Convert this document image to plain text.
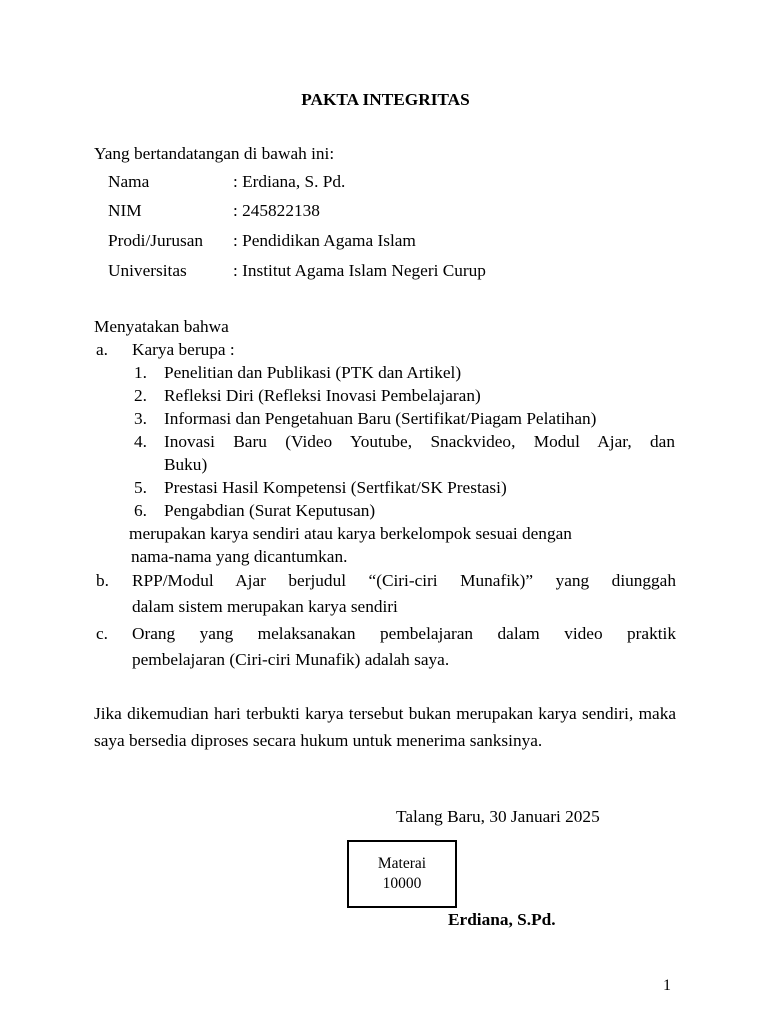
PAKTA INTEGRITAS
Yang bertandatangan di bawah ini:
Nama	: Erdiana, S. Pd.
NIM	: 245822138
Prodi/Jurusan : Pendidikan Agama Islam
Universitas	: Institut Agama Islam Negeri Curup
Menyatakan bahwa
a. Karya berupa :
1. Penelitian dan Publikasi (PTK dan Artikel)
2. Refleksi Diri (Refleksi Inovasi Pembelajaran)
3. Informasi dan Pengetahuan Baru (Sertifikat/Piagam Pelatihan)
4. Inovasi Baru (Video Youtube, Snackvideo, Modul Ajar, dan
Buku)
5. Prestasi Hasil Kompetensi (Sertfikat/SK Prestasi)
6. Pengabdian (Surat Keputusan)
merupakan karya sendiri atau karya berkelompok sesuai dengan
nama-nama yang dicantumkan.
b. RPP/Modul Ajar berjudul “(Ciri-ciri Munafik)” yang diunggah
dalam sistem merupakan karya sendiri
c. Orang yang melaksanakan pembelajaran dalam video praktik
pembelajaran (Ciri-ciri Munafik) adalah saya.
Jika dikemudian hari terbukti karya tersebut bukan merupakan karya sendiri, maka saya bersedia diproses secara hukum untuk menerima sanksinya.
Talang Baru, 30 Januari 2025
Materai
10000
Erdiana, S.Pd.
1
